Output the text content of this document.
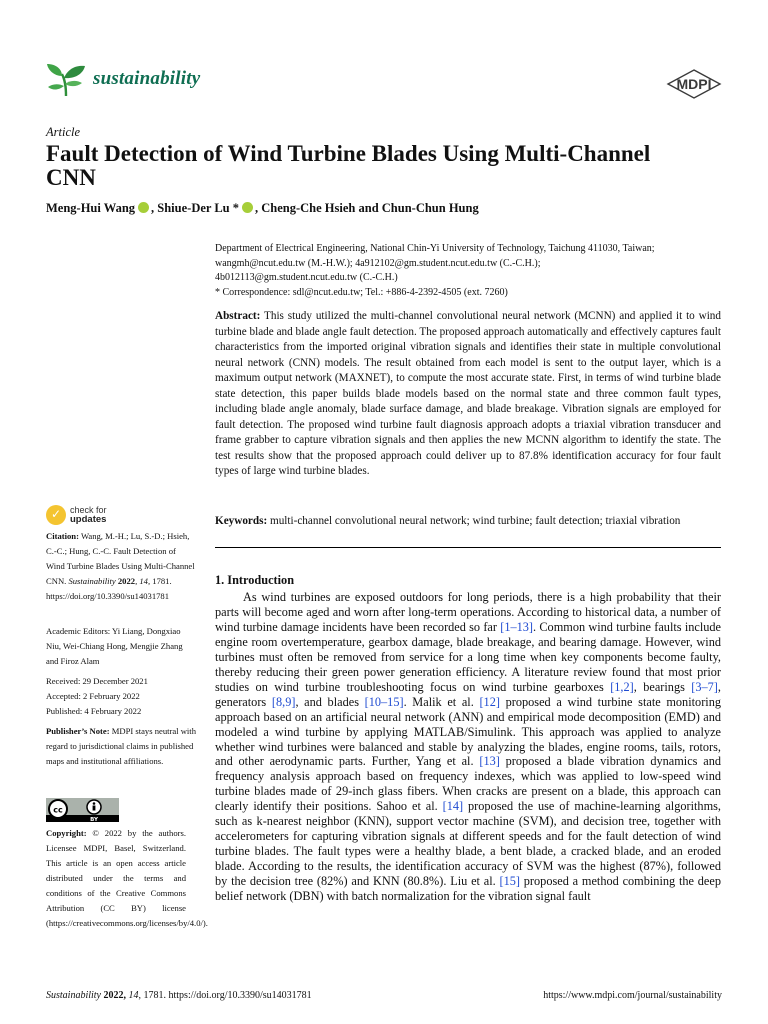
sustainability	MDPI
Article
Fault Detection of Wind Turbine Blades Using Multi-Channel CNN
Meng-Hui Wang , Shiue-Der Lu * , Cheng-Che Hsieh and Chun-Chun Hung
Department of Electrical Engineering, National Chin-Yi University of Technology, Taichung 411030, Taiwan;
wangmh@ncut.edu.tw (M.-H.W.); 4a912102@gm.student.ncut.edu.tw (C.-C.H.);
4b012113@gm.student.ncut.edu.tw (C.-C.H.)
* Correspondence: sdl@ncut.edu.tw; Tel.: +886-4-2392-4505 (ext. 7260)
Abstract: This study utilized the multi-channel convolutional neural network (MCNN) and applied it to wind turbine blade and blade angle fault detection. The proposed approach automatically and effectively captures fault characteristics from the imported original vibration signals and identifies their state in multiple convolutional neural network (CNN) models. The result obtained from each model is sent to the output layer, which is a maximum output network (MAXNET), to compute the most accurate state. First, in terms of wind turbine blade state detection, this paper builds blade models based on the normal state and three common fault types, including blade angle anomaly, blade surface damage, and blade breakage. Vibration signals are employed for fault detection. The proposed wind turbine fault diagnosis approach adopts a triaxial vibration transducer and frame grabber to capture vibration signals and then applies the new MCNN algorithm to identify the state. The test results show that the proposed approach could deliver up to 87.8% identification accuracy for four fault types of large wind turbine blades.
Keywords: multi-channel convolutional neural network; wind turbine; fault detection; triaxial vibration
✓ check for
updates
Citation: Wang, M.-H.; Lu, S.-D.; Hsieh, C.-C.; Hung, C.-C. Fault Detection of Wind Turbine Blades Using Multi-Channel CNN. Sustainability 2022, 14, 1781. https://doi.org/10.3390/su14031781
Academic Editors: Yi Liang, Dongxiao Niu, Wei-Chiang Hong, Mengjie Zhang and Firoz Alam
Received: 29 December 2021
Accepted: 2 February 2022
Published: 4 February 2022
Publisher’s Note: MDPI stays neutral with regard to jurisdictional claims in published maps and institutional affiliations.
cc
BY
Copyright: © 2022 by the authors. Licensee MDPI, Basel, Switzerland. This article is an open access article distributed under the terms and conditions of the Creative Commons Attribution (CC BY) license (https://creativecommons.org/licenses/by/4.0/).
1. Introduction
As wind turbines are exposed outdoors for long periods, there is a high probability that their parts will become aged and worn after long-term operations. According to historical data, a number of wind turbine damage incidents have been recorded so far [1–13]. Common wind turbine faults include engine room overtemperature, gearbox damage, blade breakage, and bearing damage. However, wind turbines must often be removed from service for a long time when key components become faulty, thereby reducing their green power generation efficiency. A literature review found that most prior studies on wind turbine troubleshooting focus on wind turbine gearboxes [1,2], bearings [3–7], generators [8,9], and blades [10–15]. Malik et al. [12] proposed a wind turbine state monitoring approach based on an artificial neural network (ANN) and empirical mode decomposition (EMD) and modeled a wind turbine by applying MATLAB/Simulink. This approach was applied to analyze whether wind turbines were balanced and stable by analyzing the blades, engine rooms, tails, rotors, and other aerodynamic parts. Further, Yang et al. [13] proposed a blade vibration dynamics and frequency analysis approach based on frequency indexes, which was applied to low-speed wind turbine blades made of 29-inch glass fibers. When cracks are present on a blade, this approach can clearly identify their positions. Sahoo et al. [14] proposed the use of machine-learning algorithms, such as k-nearest neighbor (KNN), support vector machine (SVM), and decision tree, together with accelerometers for capturing vibration signals at different speeds and for the fault detection of wind turbine blades. The fault types were a healthy blade, a bent blade, a cracked blade, and an eroded blade. According to the results, the identification accuracy of SVM was the highest (87%), followed by the decision tree (82%) and KNN (80.8%). Liu et al. [15] proposed a method combining the deep belief network (DBN) with batch normalization for the vibration signal fault
Sustainability 2022, 14, 1781. https://doi.org/10.3390/su14031781	https://www.mdpi.com/journal/sustainability
